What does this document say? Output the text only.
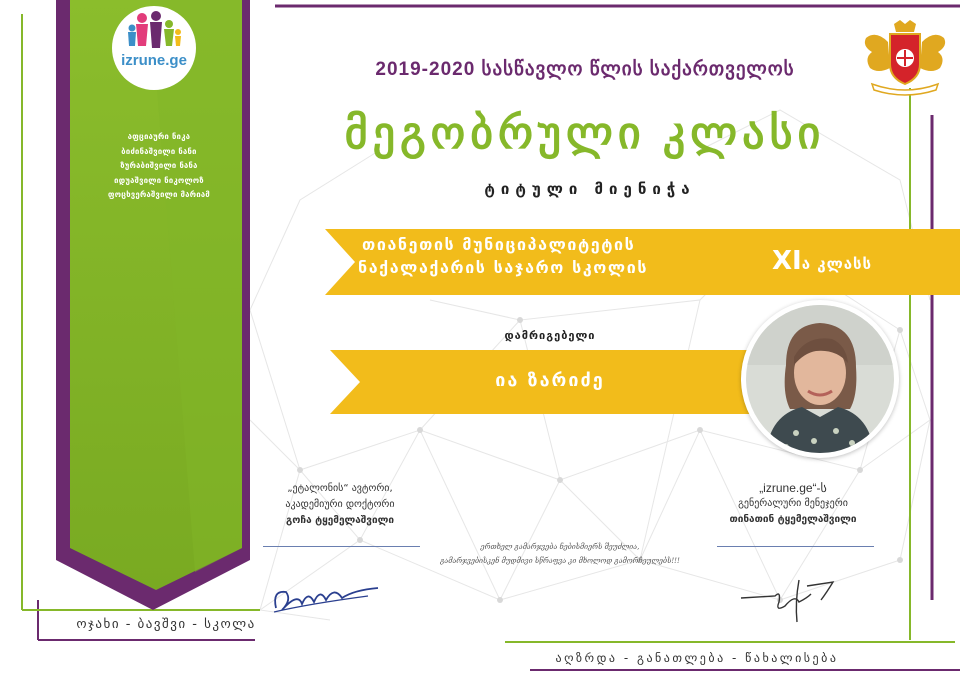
izrune.ge
აფციაური ნიკა
ბიძინაშვილი ნანი
ზურაბიშვილი ნანა
იდუაშვილი ნიკოლოზ
ფოცხვერაშვილი მარიამ
ოჯახი - ბავშვი - სკოლა
2019-2020 სასწავლო წლის საქართველოს
მეგობრული კლასი
ტიტული მიენიჭა
თიანეთის მუნიციპალიტეტის
ნაქალაქარის საჯარო სკოლის	XIა კლასს
დამრიგებელი
ია ზარიძე
„ეტალონის“ ავტორი,
აკადემიური დოქტორი
გოჩა ტყემელაშვილი
„izrune.ge“-ს
გენერალური მენეჯერი
თინათინ ტყემელაშვილი
ერთხელ გამარჯვება ნებისმიერს შეუძლია,
გამარჯვებისკენ მუდმივი სწრაფვა კი მხოლოდ გამორჩეულებს!!!
აღზრდა - განათლება - წახალისება
